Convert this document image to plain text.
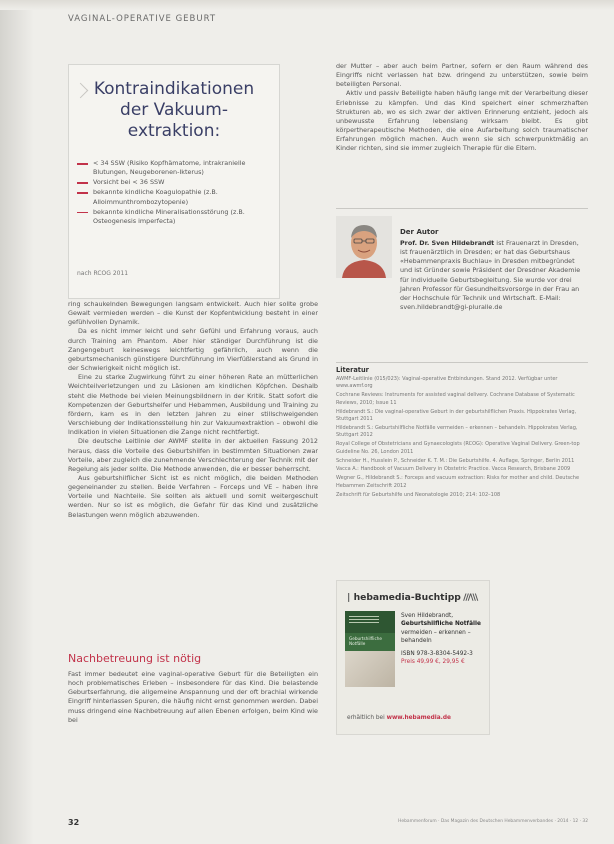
VAGINAL-OPERATIVE GEBURT
Kontraindikationen
der Vakuum-
extraktion:
< 34 SSW (Risiko Kopfhämatome, intrakranielle Blutungen, Neugeborenen-Ikterus)
Vorsicht bei < 36 SSW
bekannte kindliche Koagulopathie (z.B. Alloimmunthrombozytopenie)
bekannte kindliche Mineralisationsstörung (z.B. Osteogenesis imperfecta)
nach RCOG 2011

ring schaukelnden Bewegungen langsam entwickelt. Auch hier sollte grobe Gewalt vermieden werden – die Kunst der Kopfentwicklung besteht in einer gefühlvollen Dynamik.

Da es nicht immer leicht und sehr Gefühl und Erfahrung voraus, auch durch Training am Phantom. Aber hier ständiger Durchführung ist die Zangengeburt keineswegs leichtfertig gefährlich, auch wenn die geburtsmechanisch günstigere Durchführung im Vierfüßlerstand als Grund in der Schwierigkeit nicht möglich ist.

Eine zu starke Zugwirkung führt zu einer höheren Rate an mütterlichen Weichteilverletzungen und zu Läsionen am kindlichen Köpfchen. Deshalb steht die Methode bei vielen Meinungsbildnern in der Kritik. Statt sofort die Kompetenzen der Geburtshelfer und Hebammen, Ausbildung und Training zu fördern, kam es in den letzten Jahren zu einer stillschweigenden Verschiebung der Indikationsstellung hin zur Vakuumextraktion – obwohl die Indikation in vielen Situationen die Zange nicht rechtfertigt.

Die deutsche Leitlinie der AWMF stellte in der aktuellen Fassung 2012 heraus, dass die Vorteile des Geburtshilfen in bestimmten Situationen zwar Vorteile, aber zugleich die zunehmende Verschlechterung der Technik mit der Regelung als jeder sollte. Die Methode anwenden, die er besser beherrscht.

Aus geburtshilflicher Sicht ist es nicht möglich, die beiden Methoden gegeneinander zu stellen. Beide Verfahren – Forceps und VE – haben ihre Vorteile und Nachteile. Sie sollten als aktuell und somit weitergeschult werden. Nur so ist es möglich, die Gefahr für das Kind und zusätzliche Belastungen wenn möglich abzuwenden.

Nachbetreuung ist nötig

Fast immer bedeutet eine vaginal-operative Geburt für die Beteiligten ein hoch problematisches Erleben – insbesondere für das Kind. Die belastende Geburtserfahrung, die allgemeine Anspannung und der oft brachial wirkende Eingriff hinterlassen Spuren, die häufig nicht ernst genommen werden. Dabei muss dringend eine Nachbetreuung auf allen Ebenen erfolgen, beim Kind wie bei

der Mutter – aber auch beim Partner, sofern er den Raum während des Eingriffs nicht verlassen hat bzw. dringend zu unterstützen, sowie beim beteiligten Personal.

Aktiv und passiv Beteiligte haben häufig lange mit der Verarbeitung dieser Erlebnisse zu kämpfen. Und das Kind speichert einer schmerzhaften Strukturen ab, wo es sich zwar der aktiven Erinnerung entzieht, jedoch als unbewusste Erfahrung lebenslang wirksam bleibt. Es gibt körpertherapeutische Methoden, die eine Aufarbeitung solch traumatischer Erfahrungen möglich machen. Auch wenn sie sich schwerpunktmäßig an Kinder richten, sind sie immer zugleich Therapie für die Eltern.

Der Autor

Prof. Dr. Sven Hildebrandt ist Frauenarzt in Dresden, ist frauenärztlich in Dresden; er hat das Geburtshaus «Hebammenpraxis Buchlau» in Dresden mitbegründet und ist Gründer sowie Präsident der Dresdner Akademie für individuelle Geburtsbegleitung. Sie wurde vor drei Jahren Professor für Gesundheitsvorsorge in der Frau an der Hochschule für Technik und Wirtschaft. E-Mail: sven.hildebrandt@gi-pluralle.de

Literatur

AWMF-Leitlinie (015/023): Vaginal-operative Entbindungen. Stand 2012. Verfügbar unter www.awmf.org

Cochrane Reviews: Instruments for assisted vaginal delivery. Cochrane Database of Systematic Reviews, 2010; Issue 11

Hildebrandt S.: Die vaginal-operative Geburt in der geburtshilflichen Praxis. Hippokrates Verlag, Stuttgart 2011

Hildebrandt S.: Geburtshilfliche Notfälle vermeiden – erkennen – behandeln. Hippokrates Verlag, Stuttgart 2012

Royal College of Obstetricians and Gynaecologists (RCOG): Operative Vaginal Delivery. Green-top Guideline No. 26, London 2011

Schneider H., Husslein P., Schneider K. T. M.: Die Geburtshilfe. 4. Auflage, Springer, Berlin 2011

Vacca A.: Handbook of Vacuum Delivery in Obstetric Practice. Vacca Research, Brisbane 2009

Wegner G., Hildebrandt S.: Forceps and vacuum extraction: Risks for mother and child. Deutsche Hebammen Zeitschrift 2012

Zeitschrift für Geburtshilfe und Neonatologie 2010; 214: 102–108

| hebamedia-Buchtipp ///\\\
Geburtshilfliche Notfälle
Sven Hildebrandt,
Geburtshilfliche Notfälle
vermeiden – erkennen –
behandeln
ISBN 978-3-8304-5492-3
Preis 49,99 €, 29,95 €
erhältlich bei www.hebamedia.de
32	Hebammenforum · Das Magazin des Deutschen Hebammenverbandes · 2014 · 12 · 32
